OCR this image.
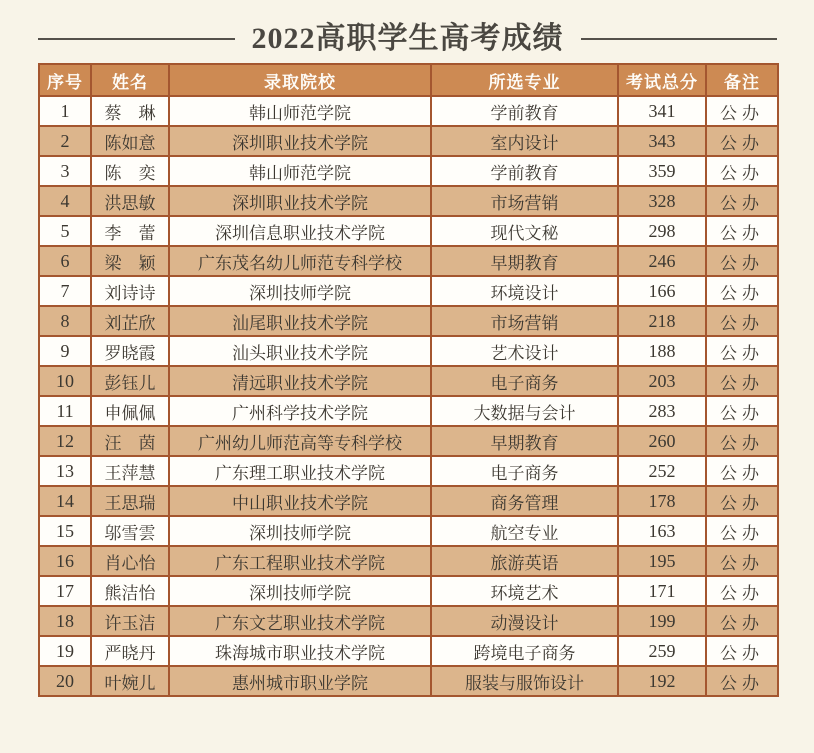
2022高职学生高考成绩
序号	姓名	录取院校	所选专业	考试总分	备注
1	蔡　琳	韩山师范学院	学前教育	341	公办
2	陈如意	深圳职业技术学院	室内设计	343	公办
3	陈　奕	韩山师范学院	学前教育	359	公办
4	洪思敏	深圳职业技术学院	市场营销	328	公办
5	李　蕾	深圳信息职业技术学院	现代文秘	298	公办
6	梁　颖	广东茂名幼儿师范专科学校	早期教育	246	公办
7	刘诗诗	深圳技师学院	环境设计	166	公办
8	刘芷欣	汕尾职业技术学院	市场营销	218	公办
9	罗晓霞	汕头职业技术学院	艺术设计	188	公办
10	彭钰儿	清远职业技术学院	电子商务	203	公办
11	申佩佩	广州科学技术学院	大数据与会计	283	公办
12	汪　茵	广州幼儿师范高等专科学校	早期教育	260	公办
13	王萍慧	广东理工职业技术学院	电子商务	252	公办
14	王思瑞	中山职业技术学院	商务管理	178	公办
15	邬雪雲	深圳技师学院	航空专业	163	公办
16	肖心怡	广东工程职业技术学院	旅游英语	195	公办
17	熊洁怡	深圳技师学院	环境艺术	171	公办
18	许玉洁	广东文艺职业技术学院	动漫设计	199	公办
19	严晓丹	珠海城市职业技术学院	跨境电子商务	259	公办
20	叶婉儿	惠州城市职业学院	服装与服饰设计	192	公办
